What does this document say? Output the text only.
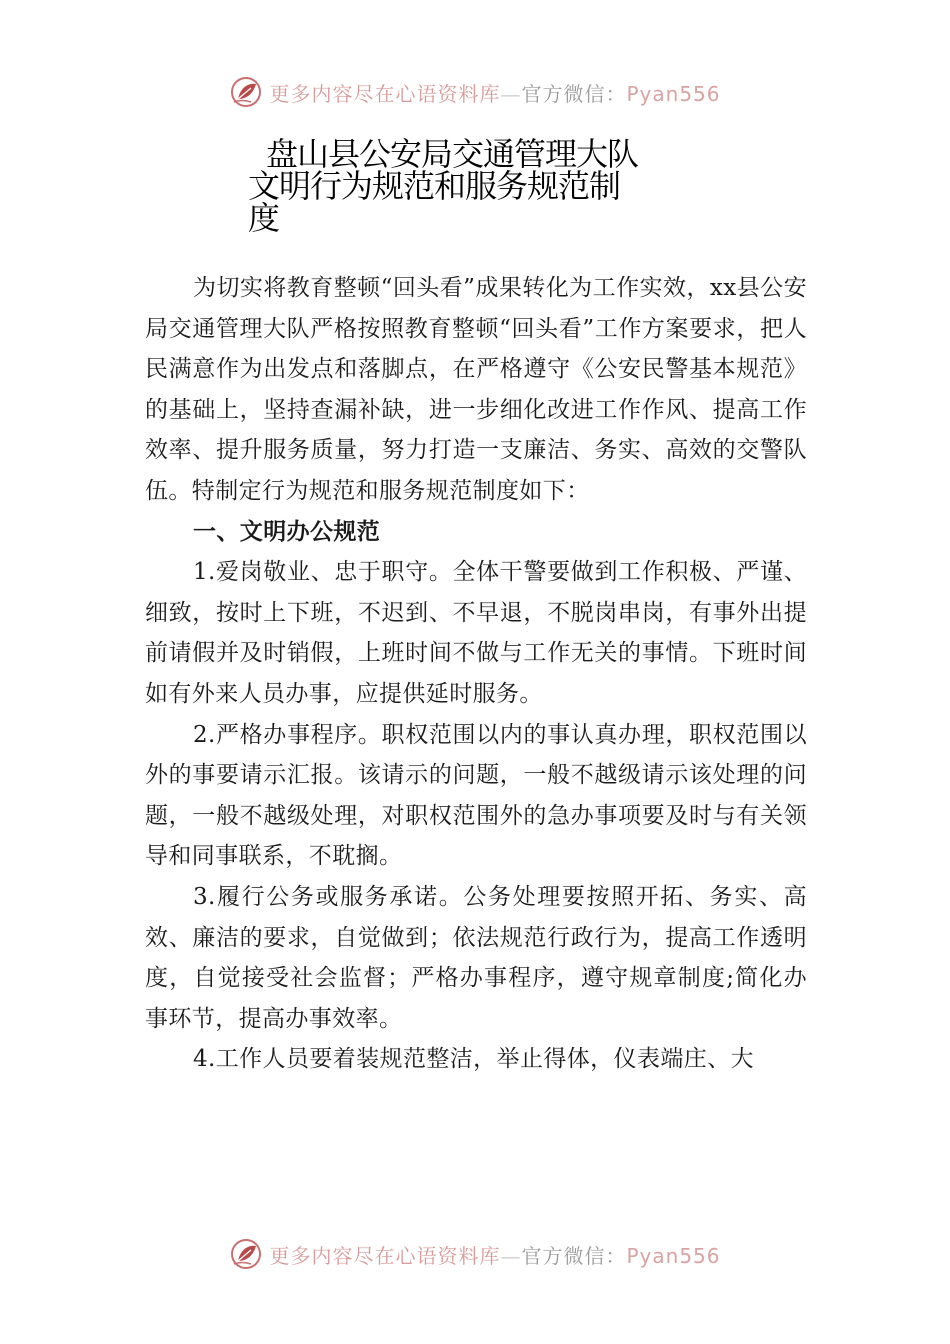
更多内容尽在心语资料库—官方微信：Pyan556
盘山县公安局交通管理大队
文明行为规范和服务规范制
度

为切实将教育整顿“回头看”成果转化为工作实效，xx县公安局交通管理大队严格按照教育整顿“回头看”工作方案要求，把人民满意作为出发点和落脚点，在严格遵守《公安民警基本规范》的基础上，坚持查漏补缺，进一步细化改进工作作风、提高工作效率、提升服务质量，努力打造一支廉洁、务实、高效的交警队伍。特制定行为规范和服务规范制度如下：

一、文明办公规范

1.爱岗敬业、忠于职守。全体干警要做到工作积极、严谨、细致，按时上下班，不迟到、不早退，不脱岗串岗，有事外出提前请假并及时销假，上班时间不做与工作无关的事情。下班时间如有外来人员办事，应提供延时服务。

2.严格办事程序。职权范围以内的事认真办理，职权范围以外的事要请示汇报。该请示的问题，一般不越级请示该处理的问题，一般不越级处理，对职权范围外的急办事项要及时与有关领导和同事联系，不耽搁。

3.履行公务或服务承诺。公务处理要按照开拓、务实、高效、廉洁的要求，自觉做到；依法规范行政行为，提高工作透明度，自觉接受社会监督；严格办事程序，遵守规章制度;简化办事环节，提高办事效率。

4.工作人员要着装规范整洁，举止得体，仪表端庄、大

更多内容尽在心语资料库—官方微信：Pyan556
